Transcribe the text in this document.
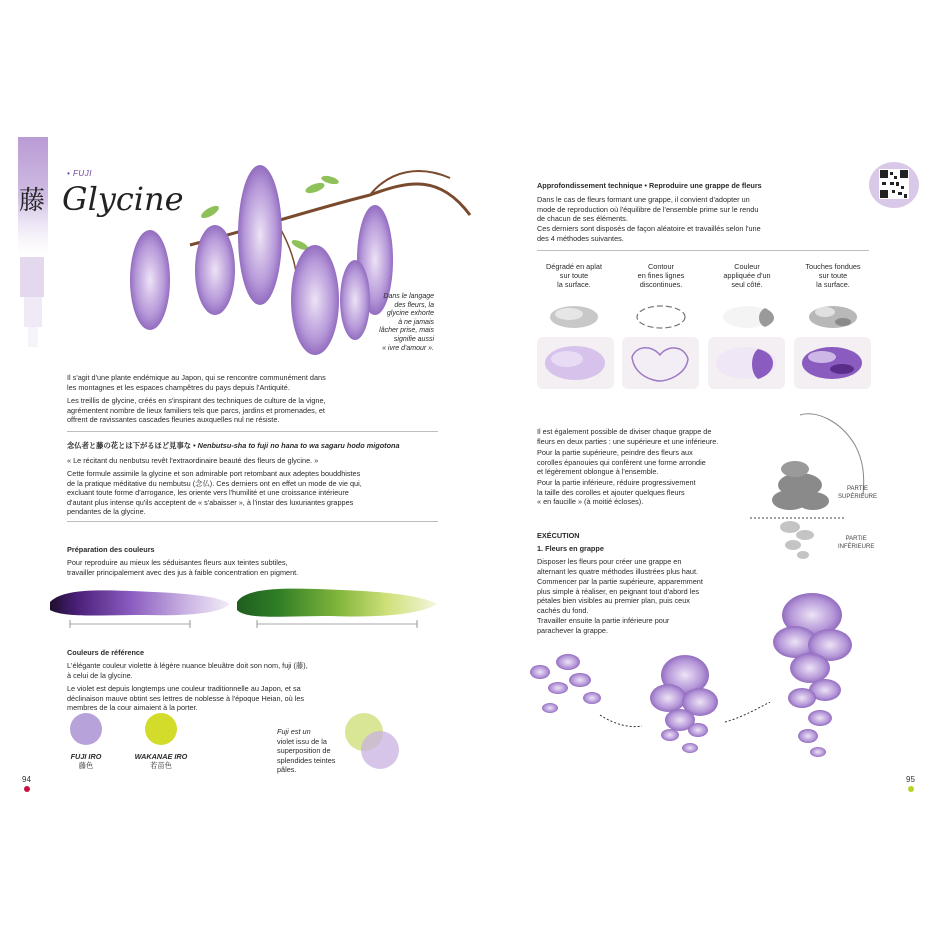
藤
• FUJI
Glycine
Dans le langage
des fleurs, la
glycine exhorte
à ne jamais
lâcher prise, mais
signifie aussi
« ivre d'amour ».
Il s'agit d'une plante endémique au Japon, qui se rencontre communément dans
les montagnes et les espaces champêtres du pays depuis l'Antiquité.
Les treillis de glycine, créés en s'inspirant des techniques de culture de la vigne,
agrémentent nombre de lieux familiers tels que parcs, jardins et promenades, et
offrent de ravissantes cascades fleuries auxquelles nul ne résiste.
念仏者と藤の花とは下がるほど見事な • Nenbutsu-sha to fuji no hana to wa sagaru hodo migotona
« Le récitant du nenbutsu revêt l'extraordinaire beauté des fleurs de glycine. »
Cette formule assimile la glycine et son admirable port retombant aux adeptes bouddhistes
de la pratique méditative du nembutsu (念仏). Ces derniers ont en effet un mode de vie qui,
excluant toute forme d'arrogance, les oriente vers l'humilité et une croissance intérieure
d'autant plus intense qu'ils acceptent de « s'abaisser », à l'instar des luxuriantes grappes
pendantes de la glycine.
Préparation des couleurs
Pour reproduire au mieux les séduisantes fleurs aux teintes subtiles,
travailler principalement avec des jus à faible concentration en pigment.
Couleurs de référence
L'élégante couleur violette à légère nuance bleuâtre doit son nom, fuji (藤),
à celui de la glycine.
Le violet est depuis longtemps une couleur traditionnelle au Japon, et sa
déclinaison mauve obtint ses lettres de noblesse à l'époque Heian, où les
membres de la cour aimaient à la porter.
FUJI IRO
藤色
WAKANAE IRO
若苗色
Fuji est un
violet issu de la
superposition de
splendides teintes
pâles.
94
Approfondissement technique • Reproduire une grappe de fleurs
Dans le cas de fleurs formant une grappe, il convient d'adopter un
mode de reproduction où l'équilibre de l'ensemble prime sur le rendu
de chacun de ses éléments.
Ces derniers sont disposés de façon aléatoire et travaillés selon l'une
des 4 méthodes suivantes.
Dégradé en aplat
sur toute
la surface.
Contour
en fines lignes
discontinues.
Couleur
appliquée d'un
seul côté.
Touches fondues
sur toute
la surface.
Il est également possible de diviser chaque grappe de
fleurs en deux parties : une supérieure et une inférieure.
Pour la partie supérieure, peindre des fleurs aux
corolles épanouies qui confèrent une forme arrondie
et légèrement oblongue à l'ensemble.
Pour la partie inférieure, réduire progressivement
la taille des corolles et ajouter quelques fleurs
« en faucille » (à moitié écloses).
PARTIE
SUPÉRIEURE
PARTIE
INFÉRIEURE
EXÉCUTION
1. Fleurs en grappe
Disposer les fleurs pour créer une grappe en
alternant les quatre méthodes illustrées plus haut.
Commencer par la partie supérieure, apparemment
plus simple à réaliser, en peignant tout d'abord les
pétales bien visibles au premier plan, puis ceux
cachés du fond.
Travailler ensuite la partie inférieure pour
parachever la grappe.
95
